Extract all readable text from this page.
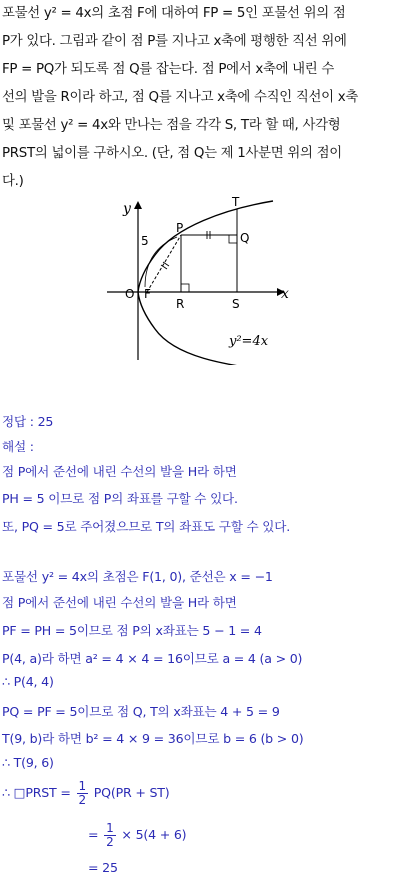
포물선 y² = 4x의 초점 F에 대하여 FP = 5인 포물선 위의 점
P가 있다. 그림과 같이 점 P를 지나고 x축에 평행한 직선 위에
FP = PQ가 되도록 점 Q를 잡는다. 점 P에서 x축에 내린 수
선의 발을 R이라 하고, 점 Q를 지나고 x축에 수직인 직선이 x축
및 포물선 y² = 4x와 만나는 점을 각각 S, T라 할 때, 사각형
PRST의 넓이를 구하시오. (단, 점 Q는 제 1사분면 위의 점이
다.)
y
x
O F
P
Q
R	S
T
5
y²=4x
정답 : 25
해설 :
점 P에서 준선에 내린 수선의 발을 H라 하면
PH = 5 이므로 점 P의 좌표를 구할 수 있다.
또, PQ = 5로 주어졌으므로 T의 좌표도 구할 수 있다.
포물선 y² = 4x의 초점은 F(1, 0), 준선은 x = −1
점 P에서 준선에 내린 수선의 발을 H라 하면
PF = PH = 5이므로 점 P의 x좌표는 5 − 1 = 4
P(4, a)라 하면 a² = 4 × 4 = 16이므로 a = 4 (a > 0)
∴ P(4, 4)
PQ = PF = 5이므로 점 Q, T의 x좌표는 4 + 5 = 9
T(9, b)라 하면 b² = 4 × 9 = 36이므로 b = 6 (b > 0)
∴ T(9, 6)
∴ □PRST = $\frac{1}{2} PQ(PR + ST)$
= $\frac{1}{2} \times 5(4 + 6)$
= 25
